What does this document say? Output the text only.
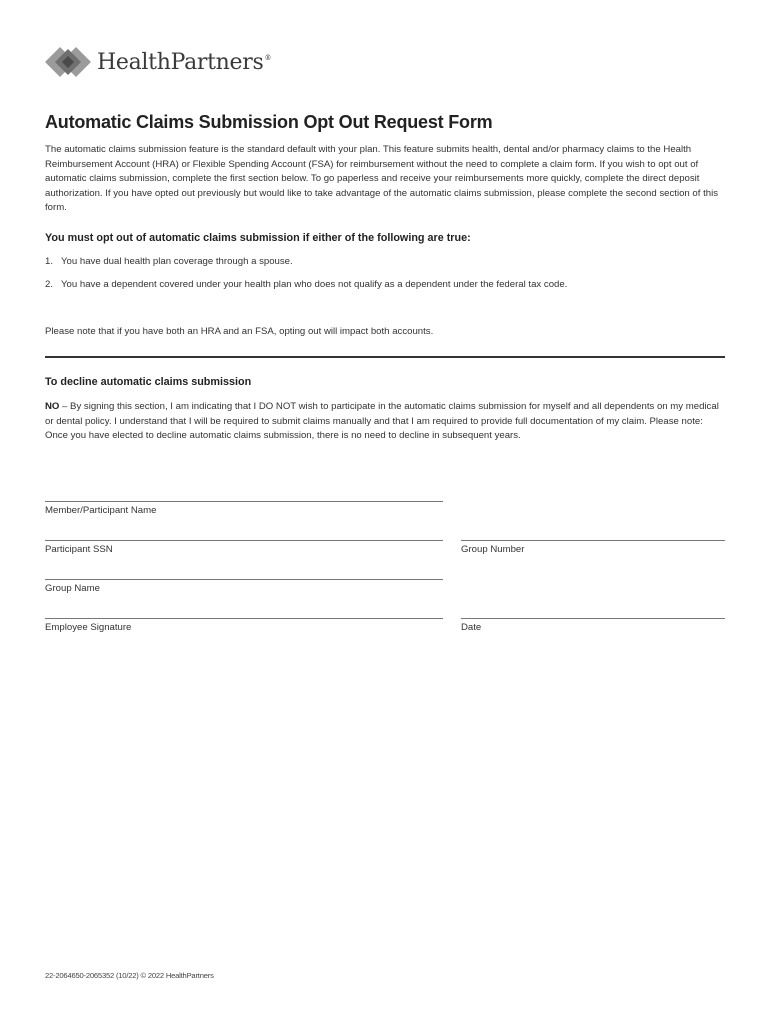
HealthPartners®
Automatic Claims Submission Opt Out Request Form
The automatic claims submission feature is the standard default with your plan. This feature submits health, dental and/or pharmacy claims to the Health Reimbursement Account (HRA) or Flexible Spending Account (FSA) for reimbursement without the need to complete a claim form. If you wish to opt out of automatic claims submission, complete the first section below. To go paperless and receive your reimbursements more quickly, complete the direct deposit authorization. If you have opted out previously but would like to take advantage of the automatic claims submission, please complete the second section of this form.
You must opt out of automatic claims submission if either of the following are true:
1. You have dual health plan coverage through a spouse.
2. You have a dependent covered under your health plan who does not qualify as a dependent under the federal tax code.
Please note that if you have both an HRA and an FSA, opting out will impact both accounts.
To decline automatic claims submission
NO – By signing this section, I am indicating that I DO NOT wish to participate in the automatic claims submission for myself and all dependents on my medical or dental policy. I understand that I will be required to submit claims manually and that I am required to provide full documentation of my claim. Please note: Once you have elected to decline automatic claims submission, there is no need to decline in subsequent years.
Member/Participant Name
Participant SSN	Group Number
Group Name
Employee Signature	Date
22-2064650-2065352 (10/22) © 2022 HealthPartners
